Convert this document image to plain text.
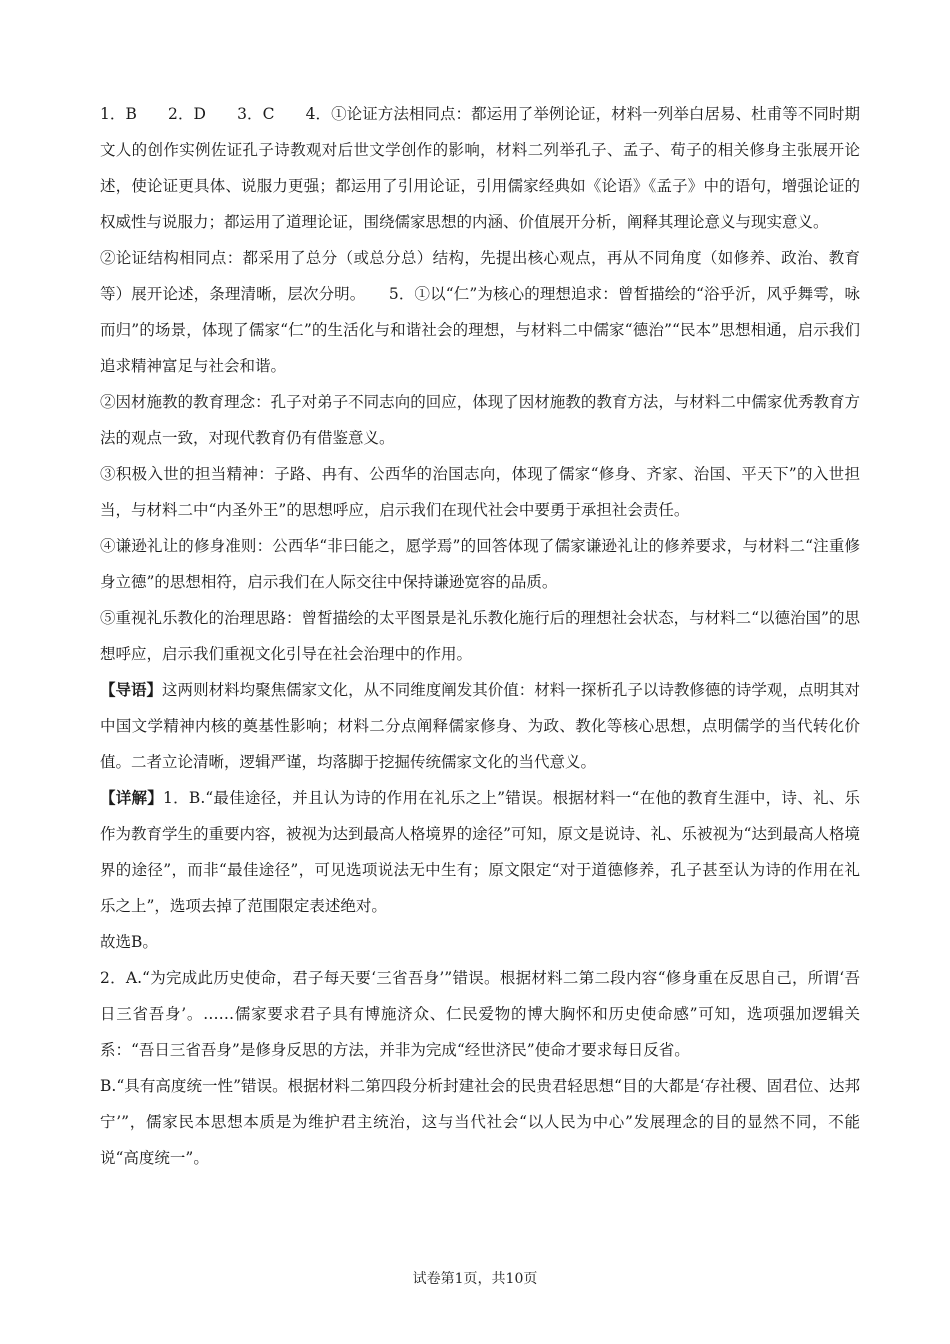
1．B　　2．D　　3．C　　4．①论证方法相同点：都运用了举例论证，材料一列举白居易、杜甫等不同时期文人的创作实例佐证孔子诗教观对后世文学创作的影响，材料二列举孔子、孟子、荀子的相关修身主张展开论述，使论证更具体、说服力更强；都运用了引用论证，引用儒家经典如《论语》《孟子》中的语句，增强论证的权威性与说服力；都运用了道理论证，围绕儒家思想的内涵、价值展开分析，阐释其理论意义与现实意义。

②论证结构相同点：都采用了总分（或总分总）结构，先提出核心观点，再从不同角度（如修养、政治、教育等）展开论述，条理清晰，层次分明。　　5．①以“仁”为核心的理想追求：曾皙描绘的“浴乎沂，风乎舞雩，咏而归”的场景，体现了儒家“仁”的生活化与和谐社会的理想，与材料二中儒家“德治”“民本”思想相通，启示我们追求精神富足与社会和谐。

②因材施教的教育理念：孔子对弟子不同志向的回应，体现了因材施教的教育方法，与材料二中儒家优秀教育方法的观点一致，对现代教育仍有借鉴意义。

③积极入世的担当精神：子路、冉有、公西华的治国志向，体现了儒家“修身、齐家、治国、平天下”的入世担当，与材料二中“内圣外王”的思想呼应，启示我们在现代社会中要勇于承担社会责任。

④谦逊礼让的修身准则：公西华“非曰能之，愿学焉”的回答体现了儒家谦逊礼让的修养要求，与材料二“注重修身立德”的思想相符，启示我们在人际交往中保持谦逊宽容的品质。

⑤重视礼乐教化的治理思路：曾皙描绘的太平图景是礼乐教化施行后的理想社会状态，与材料二“以德治国”的思想呼应，启示我们重视文化引导在社会治理中的作用。

【导语】这两则材料均聚焦儒家文化，从不同维度阐发其价值：材料一探析孔子以诗教修德的诗学观，点明其对中国文学精神内核的奠基性影响；材料二分点阐释儒家修身、为政、教化等核心思想，点明儒学的当代转化价值。二者立论清晰，逻辑严谨，均落脚于挖掘传统儒家文化的当代意义。

【详解】1．B.“最佳途径，并且认为诗的作用在礼乐之上”错误。根据材料一“在他的教育生涯中，诗、礼、乐作为教育学生的重要内容，被视为达到最高人格境界的途径”可知，原文是说诗、礼、乐被视为“达到最高人格境界的途径”，而非“最佳途径”，可见选项说法无中生有；原文限定“对于道德修养，孔子甚至认为诗的作用在礼乐之上”，选项去掉了范围限定表述绝对。

故选B。

2．A.“为完成此历史使命，君子每天要‘三省吾身’”错误。根据材料二第二段内容“修身重在反思自己，所谓‘吾日三省吾身’。……儒家要求君子具有博施济众、仁民爱物的博大胸怀和历史使命感”可知，选项强加逻辑关系：“吾日三省吾身”是修身反思的方法，并非为完成“经世济民”使命才要求每日反省。

B.“具有高度统一性”错误。根据材料二第四段分析封建社会的民贵君轻思想“目的大都是‘存社稷、固君位、达邦宁’”，儒家民本思想本质是为维护君主统治，这与当代社会“以人民为中心”发展理念的目的显然不同，不能说“高度统一”。

试卷第1页，共10页
